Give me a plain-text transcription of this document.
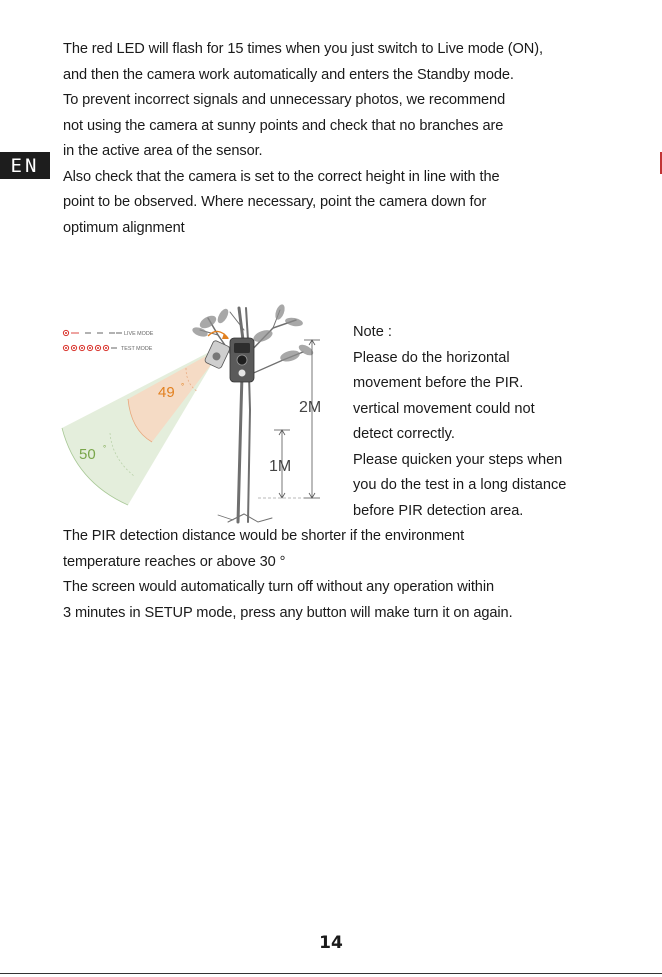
EN
The red LED will flash for 15 times when you just switch to Live mode (ON),
and then the camera work automatically and enters the Standby mode.
To prevent incorrect signals and unnecessary photos, we recommend
not using the camera at sunny points and check that no branches are
in the active area of the sensor.
Also check that the camera is set to the correct height in line with the
point to be observed. Where necessary, point the camera down for
optimum alignment
LIVE MODE
TEST MODE
49 °
50 °
2M
1M
Note :
Please do the horizontal
movement before the PIR.
vertical movement could not
detect correctly.
Please quicken your steps when
you do the test in a long distance
before PIR detection area.
The PIR detection distance would be shorter if the environment
temperature reaches or above 30 °
The screen would automatically turn off without any operation within
3 minutes in SETUP mode, press any button will make turn it on again.
14
